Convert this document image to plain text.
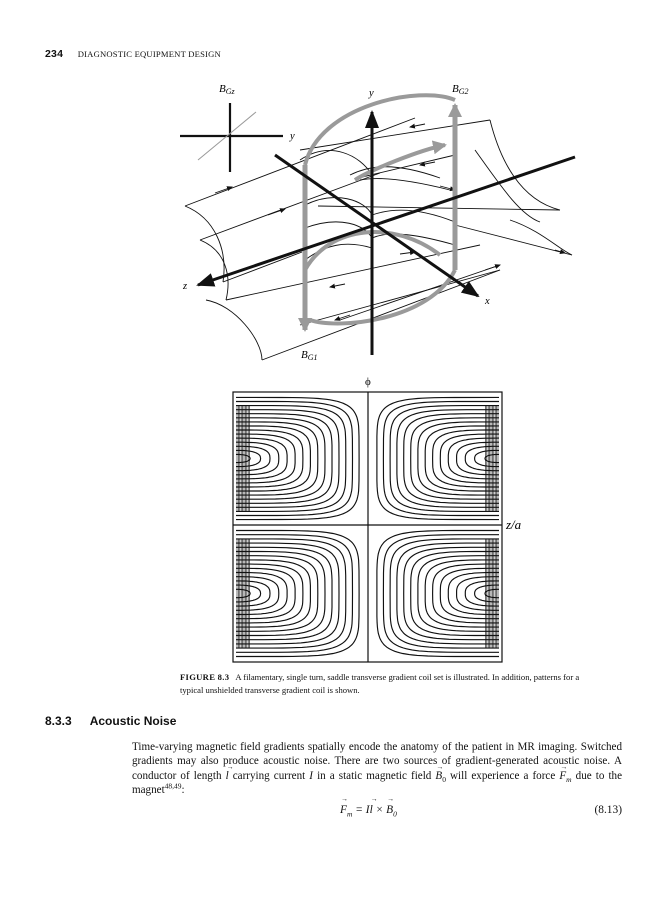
234 DIAGNOSTIC EQUIPMENT DESIGN
BGz	BG2
BG1
y
y
x
z
ϕ
z/a
FIGURE 8.3 A filamentary, single turn, saddle transverse gradient coil set is illustrated. In addition, patterns for a typical unshielded transverse gradient coil is shown.
8.3.3 Acoustic Noise
Time-varying magnetic field gradients spatially encode the anatomy of the patient in MR imaging. Switched gradients may also produce acoustic noise. There are two sources of gradient-generated acoustic noise. A conductor of length → l carrying current I in a static magnetic field → $B_0$ will experience a force → $F_m$ due to the magnet$^{48,49}$:
→ $F_m = I\to l$ × → $B_0$	(8.13)
